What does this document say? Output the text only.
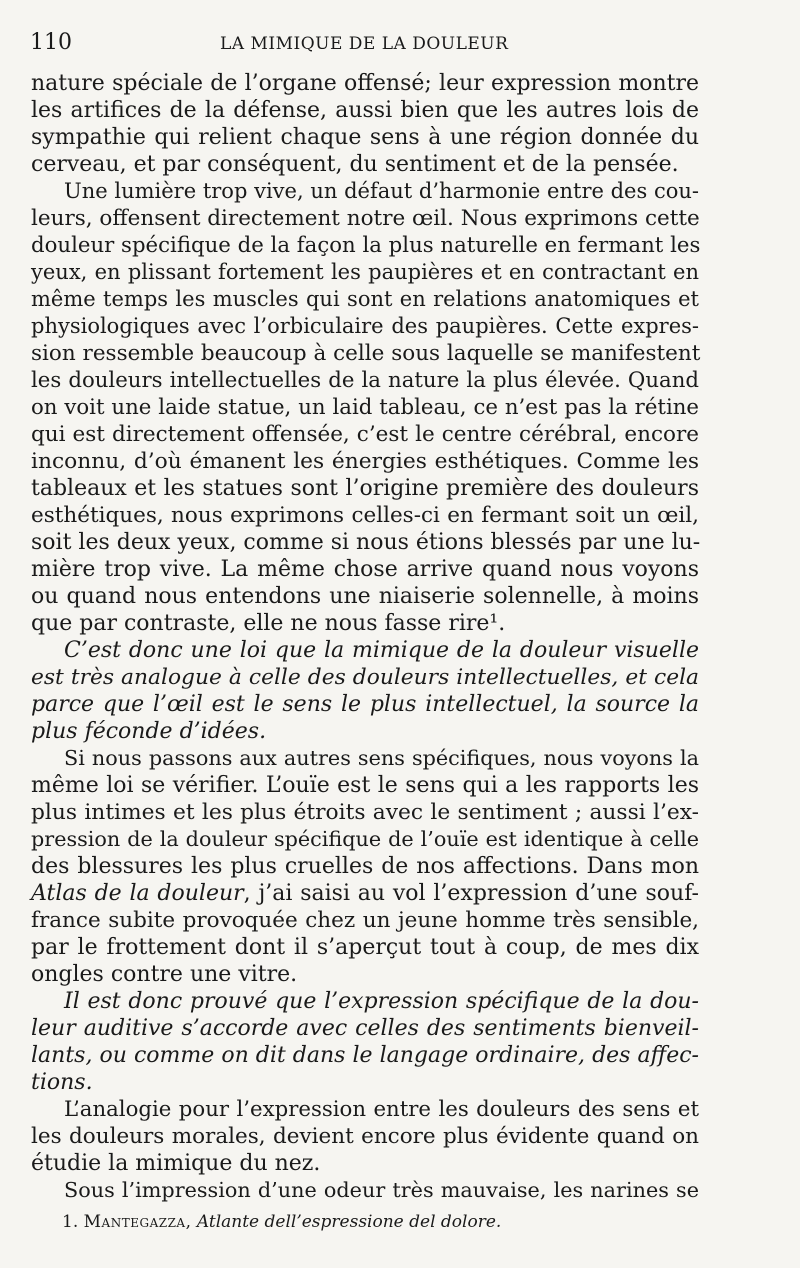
110	LA MIMIQUE DE LA DOULEUR
nature spéciale de l’organe offensé; leur expression montre
les artifices de la défense, aussi bien que les autres lois de
sympathie qui relient chaque sens à une région donnée du
cerveau, et par conséquent, du sentiment et de la pensée.
Une lumière trop vive, un défaut d’harmonie entre des cou-
leurs, offensent directement notre œil. Nous exprimons cette
douleur spécifique de la façon la plus naturelle en fermant les
yeux, en plissant fortement les paupières et en contractant en
même temps les muscles qui sont en relations anatomiques et
physiologiques avec l’orbiculaire des paupières. Cette expres-
sion ressemble beaucoup à celle sous laquelle se manifestent
les douleurs intellectuelles de la nature la plus élevée. Quand
on voit une laide statue, un laid tableau, ce n’est pas la rétine
qui est directement offensée, c’est le centre cérébral, encore
inconnu, d’où émanent les énergies esthétiques. Comme les
tableaux et les statues sont l’origine première des douleurs
esthétiques, nous exprimons celles-ci en fermant soit un œil,
soit les deux yeux, comme si nous étions blessés par une lu-
mière trop vive. La même chose arrive quand nous voyons
ou quand nous entendons une niaiserie solennelle, à moins
que par contraste, elle ne nous fasse rire¹.
C’est donc une loi que la mimique de la douleur visuelle
est très analogue à celle des douleurs intellectuelles, et cela
parce que l’œil est le sens le plus intellectuel, la source la
plus féconde d’idées.
Si nous passons aux autres sens spécifiques, nous voyons la
même loi se vérifier. L’ouïe est le sens qui a les rapports les
plus intimes et les plus étroits avec le sentiment ; aussi l’ex-
pression de la douleur spécifique de l’ouïe est identique à celle
des blessures les plus cruelles de nos affections. Dans mon
Atlas de la douleur, j’ai saisi au vol l’expression d’une souf-
france subite provoquée chez un jeune homme très sensible,
par le frottement dont il s’aperçut tout à coup, de mes dix
ongles contre une vitre.
Il est donc prouvé que l’expression spécifique de la dou-
leur auditive s’accorde avec celles des sentiments bienveil-
lants, ou comme on dit dans le langage ordinaire, des affec-
tions.
L’analogie pour l’expression entre les douleurs des sens et
les douleurs morales, devient encore plus évidente quand on
étudie la mimique du nez.
Sous l’impression d’une odeur très mauvaise, les narines se
1. Mantegazza, Atlante dell’espressione del dolore.
